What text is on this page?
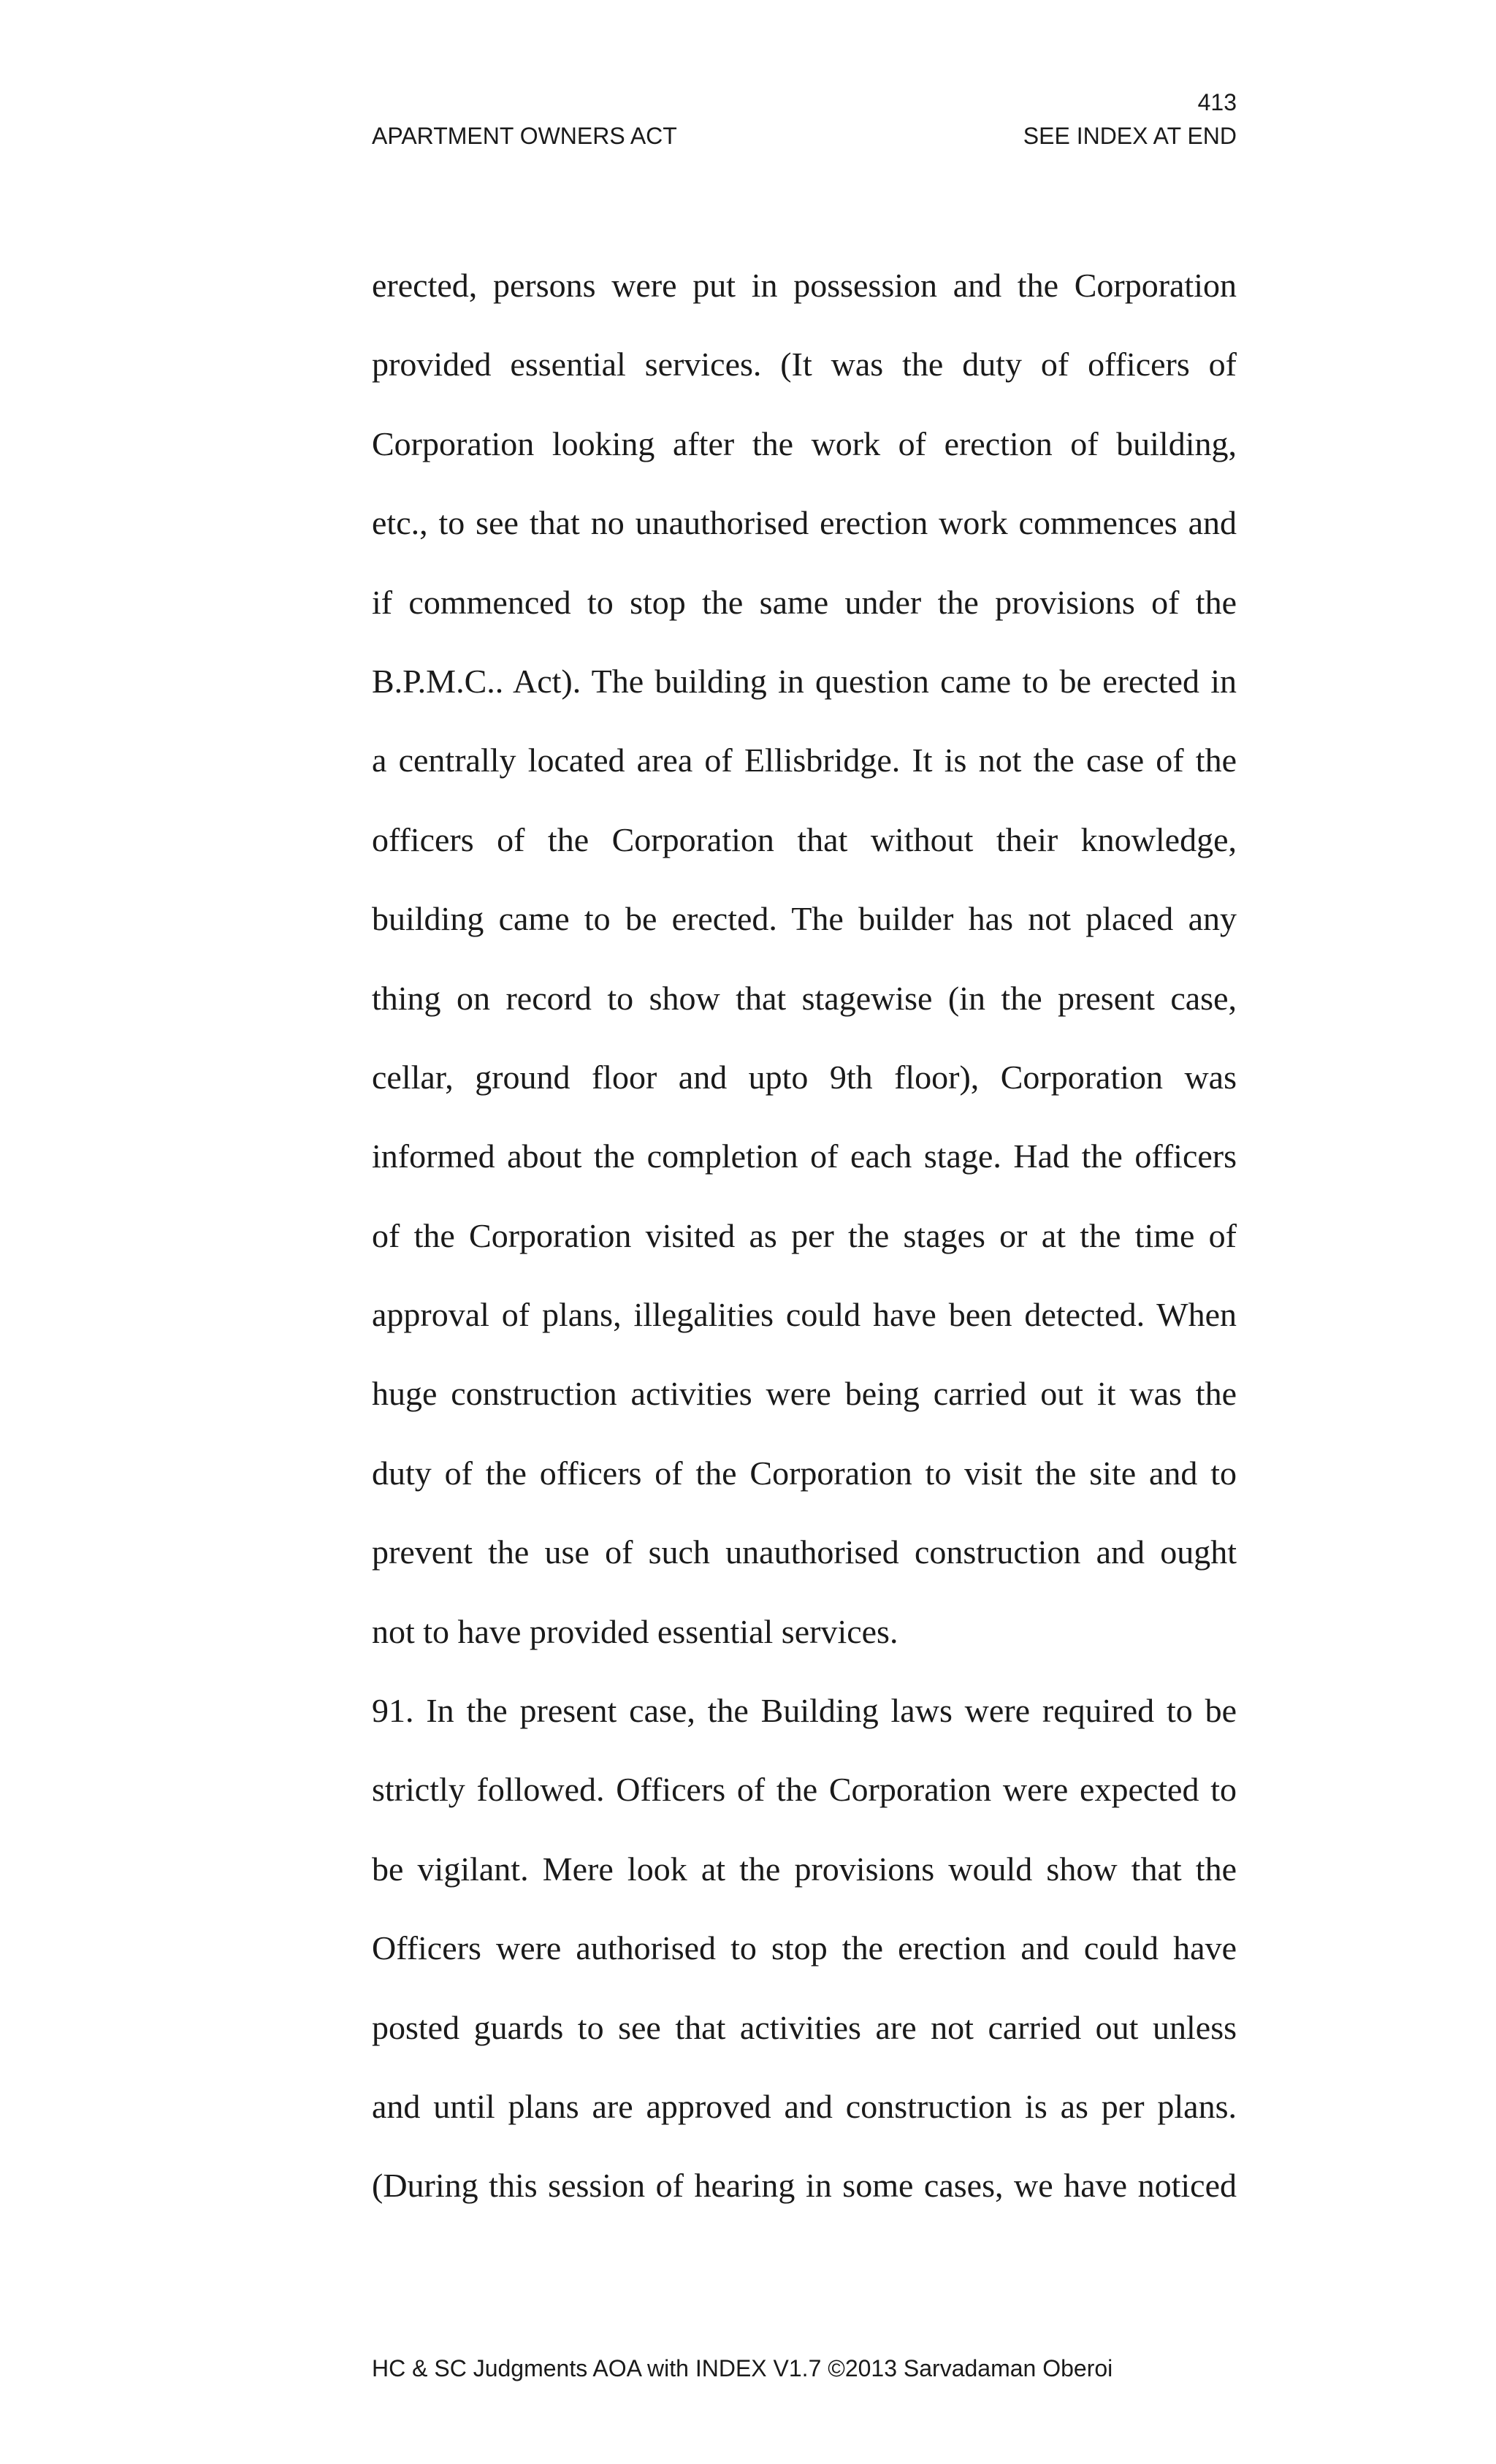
413
APARTMENT OWNERS ACT	SEE INDEX AT END
erected, persons were put in possession and the Corporation
provided essential services. (It was the duty of officers of
Corporation looking after the work of erection of building,
etc., to see that no unauthorised erection work commences and
if commenced to stop the same under the provisions of the
B.P.M.C.. Act). The building in question came to be erected in
a centrally located area of Ellisbridge. It is not the case of the
officers of the Corporation that without their knowledge,
building came to be erected. The builder has not placed any
thing on record to show that stagewise (in the present case,
cellar, ground floor and upto 9th floor), Corporation was
informed about the completion of each stage. Had the officers
of the Corporation visited as per the stages or at the time of
approval of plans, illegalities could have been detected. When
huge construction activities were being carried out it was the
duty of the officers of the Corporation to visit the site and to
prevent the use of such unauthorised construction and ought
not to have provided essential services.
91. In the present case, the Building laws were required to be
strictly followed. Officers of the Corporation were expected to
be vigilant. Mere look at the provisions would show that the
Officers were authorised to stop the erection and could have
posted guards to see that activities are not carried out unless
and until plans are approved and construction is as per plans.
(During this session of hearing in some cases, we have noticed
HC & SC Judgments AOA with INDEX V1.7 ©2013 Sarvadaman Oberoi
